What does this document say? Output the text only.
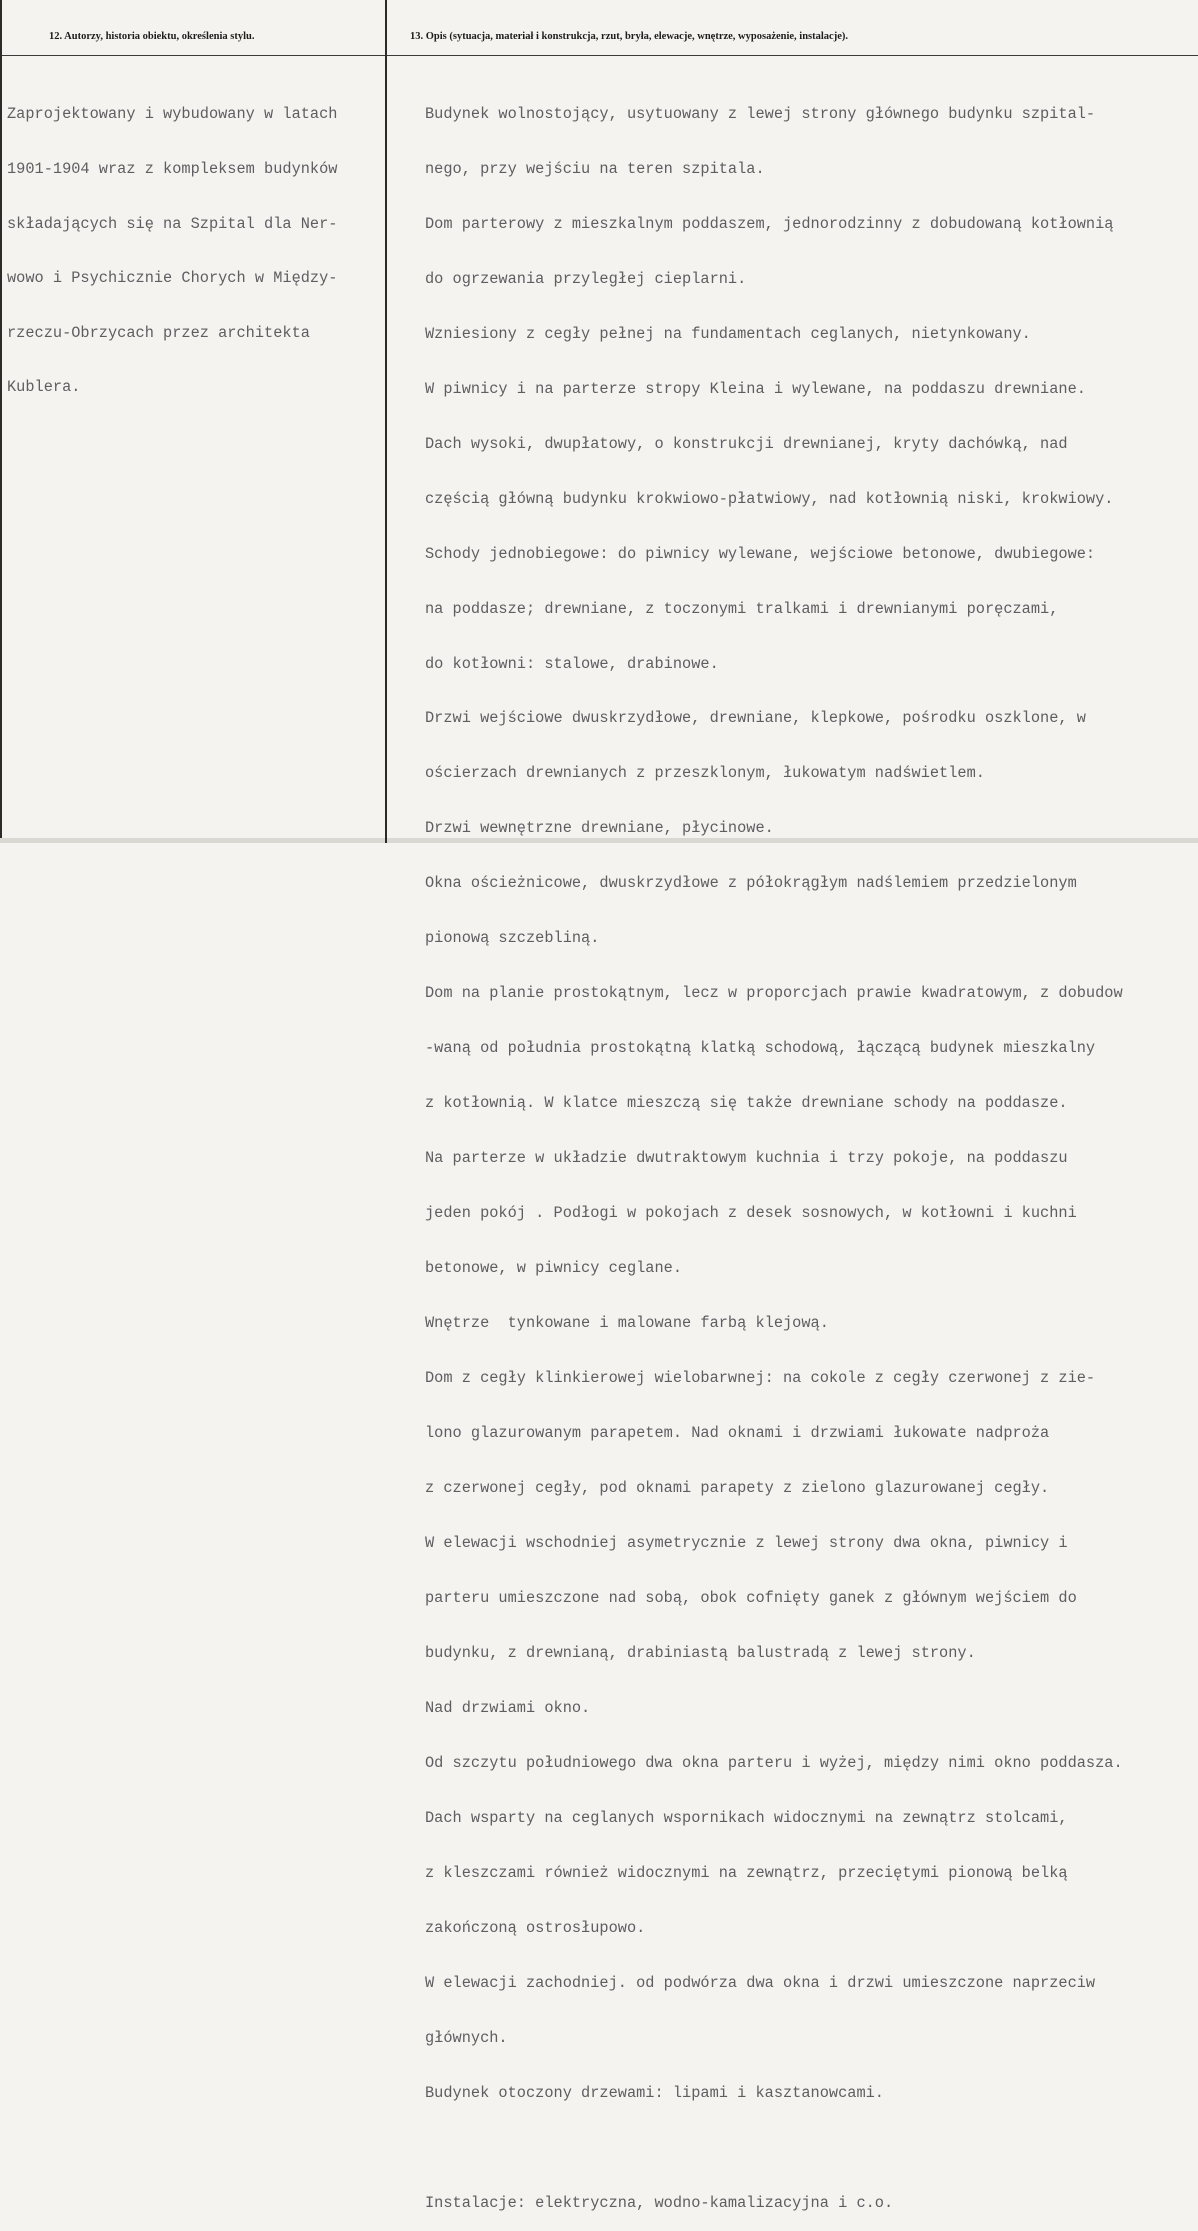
12. Autorzy, historia obiektu, określenia stylu.	13. Opis (sytuacja, materiał i konstrukcja, rzut, bryła, elewacje, wnętrze, wyposażenie, instalacje).

Zaprojektowany i wybudowany w latach

1901-1904 wraz z kompleksem budynków

składających się na Szpital dla Ner-

wowo i Psychicznie Chorych w Między-

rzeczu-Obrzycach przez architekta

Kublera.

Budynek wolnostojący, usytuowany z lewej strony głównego budynku szpital-

nego, przy wejściu na teren szpitala.

Dom parterowy z mieszkalnym poddaszem, jednorodzinny z dobudowaną kotłownią

do ogrzewania przyległej cieplarni.

Wzniesiony z cegły pełnej na fundamentach ceglanych, nietynkowany.

W piwnicy i na parterze stropy Kleina i wylewane, na poddaszu drewniane.

Dach wysoki, dwupłatowy, o konstrukcji drewnianej, kryty dachówką, nad

częścią główną budynku krokwiowo-płatwiowy, nad kotłownią niski, krokwiowy.

Schody jednobiegowe: do piwnicy wylewane, wejściowe betonowe, dwubiegowe:

na poddasze; drewniane, z toczonymi tralkami i drewnianymi poręczami,

do kotłowni: stalowe, drabinowe.

Drzwi wejściowe dwuskrzydłowe, drewniane, klepkowe, pośrodku oszklone, w

ościerzach drewnianych z przeszklonym, łukowatym nadświetlem.

Drzwi wewnętrzne drewniane, płycinowe.

Okna ościeżnicowe, dwuskrzydłowe z półokrągłym nadślemiem przedzielonym

pionową szczebliną.

Dom na planie prostokątnym, lecz w proporcjach prawie kwadratowym, z dobudow

-waną od południa prostokątną klatką schodową, łączącą budynek mieszkalny

z kotłownią. W klatce mieszczą się także drewniane schody na poddasze.

Na parterze w układzie dwutraktowym kuchnia i trzy pokoje, na poddaszu

jeden pokój . Podłogi w pokojach z desek sosnowych, w kotłowni i kuchni

betonowe, w piwnicy ceglane.

Wnętrze  tynkowane i malowane farbą klejową.

Dom z cegły klinkierowej wielobarwnej: na cokole z cegły czerwonej z zie-

lono glazurowanym parapetem. Nad oknami i drzwiami łukowate nadproża

z czerwonej cegły, pod oknami parapety z zielono glazurowanej cegły.

W elewacji wschodniej asymetrycznie z lewej strony dwa okna, piwnicy i

parteru umieszczone nad sobą, obok cofnięty ganek z głównym wejściem do

budynku, z drewnianą, drabiniastą balustradą z lewej strony.

Nad drzwiami okno.

Od szczytu południowego dwa okna parteru i wyżej, między nimi okno poddasza.

Dach wsparty na ceglanych wspornikach widocznymi na zewnątrz stolcami,

z kleszczami również widocznymi na zewnątrz, przeciętymi pionową belką

zakończoną ostrosłupowo.

W elewacji zachodniej. od podwórza dwa okna i drzwi umieszczone naprzeciw

głównych.

Budynek otoczony drzewami: lipami i kasztanowcami.

Instalacje: elektryczna, wodno-kamalizacyjna i c.o.
